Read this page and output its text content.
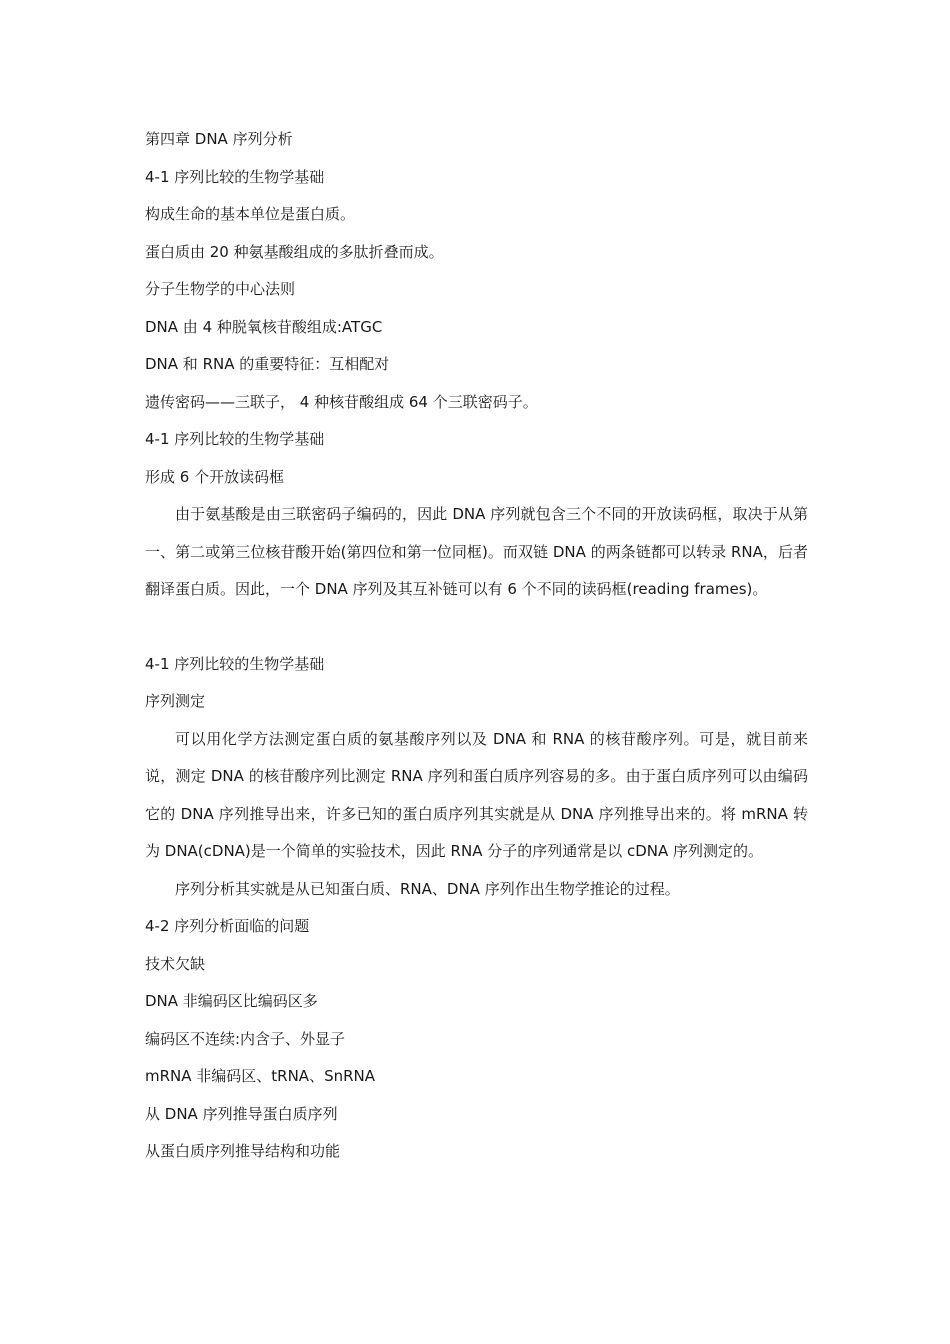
第四章 DNA 序列分析
4-1 序列比较的生物学基础
构成生命的基本单位是蛋白质。
蛋白质由 20 种氨基酸组成的多肽折叠而成。
分子生物学的中心法则
DNA 由 4 种脱氧核苷酸组成:ATGC
DNA 和 RNA 的重要特征：互相配对
遗传密码——三联子， 4 种核苷酸组成 64 个三联密码子。
4-1 序列比较的生物学基础
形成 6 个开放读码框

由于氨基酸是由三联密码子编码的，因此 DNA 序列就包含三个不同的开放读码框，取决于从第一、第二或第三位核苷酸开始(第四位和第一位同框)。而双链 DNA 的两条链都可以转录 RNA，后者翻译蛋白质。因此，一个 DNA 序列及其互补链可以有 6 个不同的读码框(reading frames)。

4-1 序列比较的生物学基础
序列测定

可以用化学方法测定蛋白质的氨基酸序列以及 DNA 和 RNA 的核苷酸序列。可是，就目前来说，测定 DNA 的核苷酸序列比测定 RNA 序列和蛋白质序列容易的多。由于蛋白质序列可以由编码它的 DNA 序列推导出来，许多已知的蛋白质序列其实就是从 DNA 序列推导出来的。将 mRNA 转为 DNA(cDNA)是一个简单的实验技术，因此 RNA 分子的序列通常是以 cDNA 序列测定的。

序列分析其实就是从已知蛋白质、RNA、DNA 序列作出生物学推论的过程。

4-2 序列分析面临的问题
技术欠缺
DNA 非编码区比编码区多
编码区不连续:内含子、外显子
mRNA 非编码区、tRNA、SnRNA
从 DNA 序列推导蛋白质序列
从蛋白质序列推导结构和功能
